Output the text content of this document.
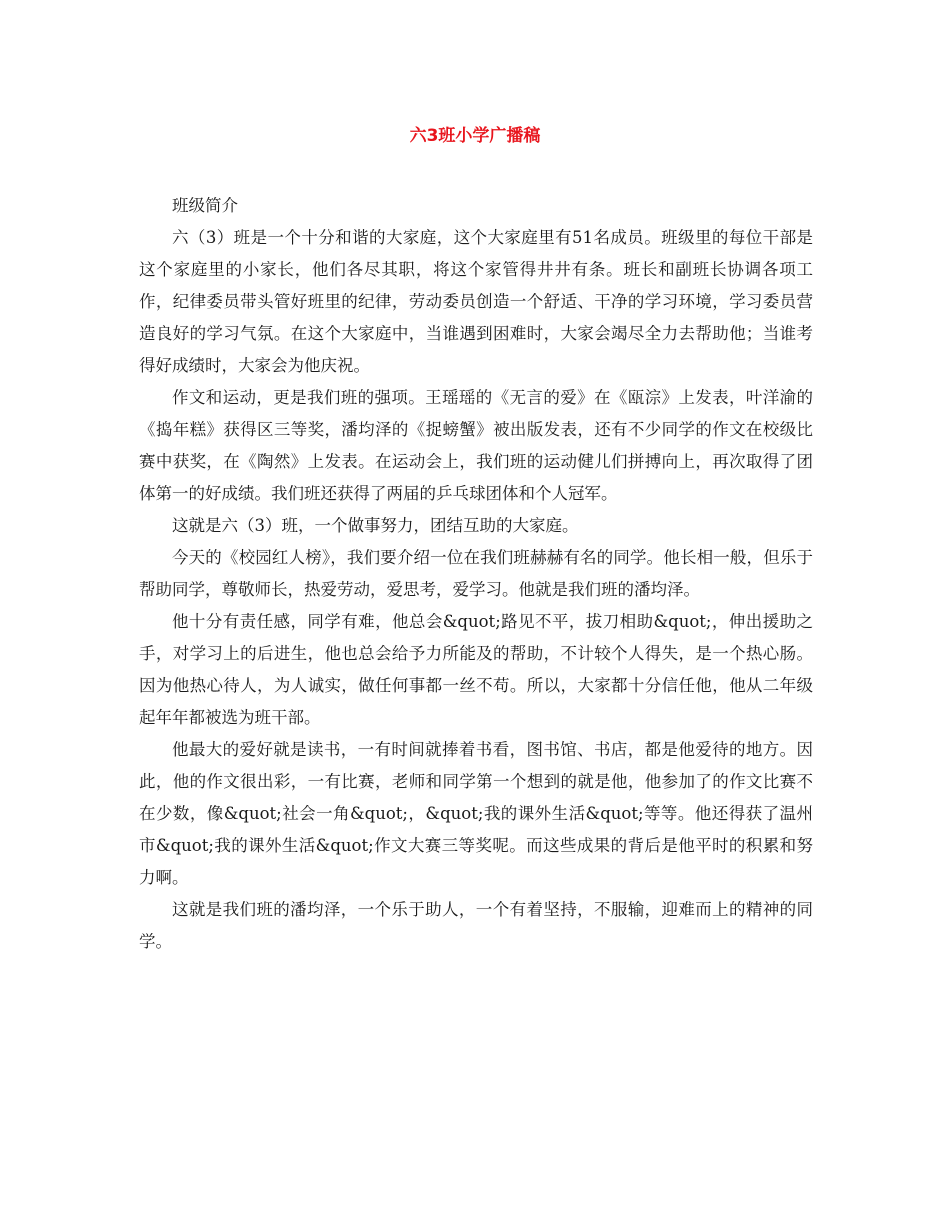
六3班小学广播稿

班级简介

六（3）班是一个十分和谐的大家庭，这个大家庭里有51名成员。班级里的每位干部是这个家庭里的小家长，他们各尽其职，将这个家管得井井有条。班长和副班长协调各项工作，纪律委员带头管好班里的纪律，劳动委员创造一个舒适、干净的学习环境，学习委员营造良好的学习气氛。在这个大家庭中，当谁遇到困难时，大家会竭尽全力去帮助他；当谁考得好成绩时，大家会为他庆祝。

作文和运动，更是我们班的强项。王瑶瑶的《无言的爱》在《瓯淙》上发表，叶洋渝的《捣年糕》获得区三等奖，潘均泽的《捉螃蟹》被出版发表，还有不少同学的作文在校级比赛中获奖，在《陶然》上发表。在运动会上，我们班的运动健儿们拼搏向上，再次取得了团体第一的好成绩。我们班还获得了两届的乒乓球团体和个人冠军。

这就是六（3）班，一个做事努力，团结互助的大家庭。

今天的《校园红人榜》，我们要介绍一位在我们班赫赫有名的同学。他长相一般，但乐于帮助同学，尊敬师长，热爱劳动，爱思考，爱学习。他就是我们班的潘均泽。

他十分有责任感，同学有难，他总会&quot;路见不平，拔刀相助&quot;，伸出援助之手，对学习上的后进生，他也总会给予力所能及的帮助，不计较个人得失，是一个热心肠。因为他热心待人，为人诚实，做任何事都一丝不苟。所以，大家都十分信任他，他从二年级起年年都被选为班干部。

他最大的爱好就是读书，一有时间就捧着书看，图书馆、书店，都是他爱待的地方。因此，他的作文很出彩，一有比赛，老师和同学第一个想到的就是他，他参加了的作文比赛不在少数，像&quot;社会一角&quot;，&quot;我的课外生活&quot;等等。他还得获了温州市&quot;我的课外生活&quot;作文大赛三等奖呢。而这些成果的背后是他平时的积累和努力啊。

这就是我们班的潘均泽，一个乐于助人，一个有着坚持，不服输，迎难而上的精神的同学。
